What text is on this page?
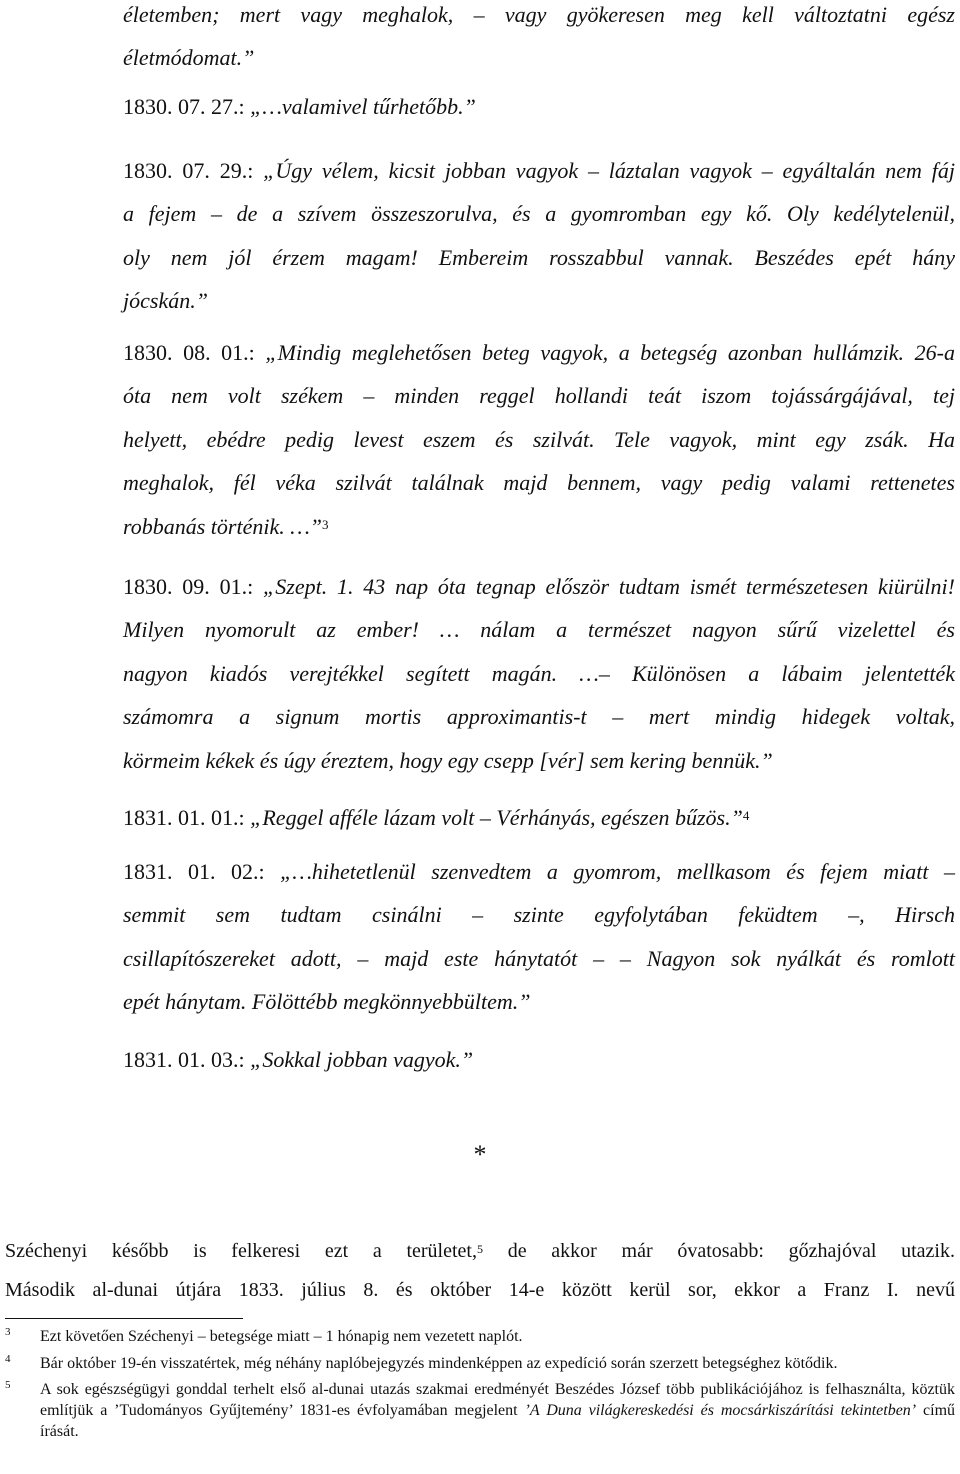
életemben; mert vagy meghalok, – vagy gyökeresen meg kell változtatni egész
életmódomat.”
1830. 07. 27.: „…valamivel tűrhetőbb.”
1830. 07. 29.: „Úgy vélem, kicsit jobban vagyok – láztalan vagyok – egyáltalán nem fáj
a fejem – de a szívem összeszorulva, és a gyomromban egy kő. Oly kedélytelenül,
oly nem jól érzem magam! Embereim rosszabbul vannak. Beszédes epét hány
jócskán.”
1830. 08. 01.: „Mindig meglehetősen beteg vagyok, a betegség azonban hullámzik. 26-a
óta nem volt székem – minden reggel hollandi teát iszom tojássárgájával, tej
helyett, ebédre pedig levest eszem és szilvát. Tele vagyok, mint egy zsák. Ha
meghalok, fél véka szilvát találnak majd bennem, vagy pedig valami rettenetes
robbanás történik. …”$^3$
1830. 09. 01.: „Szept. 1. 43 nap óta tegnap először tudtam ismét természetesen kiürülni!
Milyen nyomorult az ember! … nálam a természet nagyon sűrű vizelettel és
nagyon kiadós verejtékkel segített magán. …– Különösen a lábaim jelentették
számomra a signum mortis approximantis-t – mert mindig hidegek voltak,
körmeim kékek és úgy éreztem, hogy egy csepp [vér] sem kering bennük.”
1831. 01. 01.: „Reggel afféle lázam volt – Vérhányás, egészen bűzös.”$^4$
1831. 01. 02.: „…hihetetlenül szenvedtem a gyomrom, mellkasom és fejem miatt –
semmit sem tudtam csinálni – szinte egyfolytában feküdtem –, Hirsch
csillapítószereket adott, – majd este hánytatót – – Nagyon sok nyálkát és romlott
epét hánytam. Fölöttébb megkönnyebbültem.”
1831. 01. 03.: „Sokkal jobban vagyok.”
*
Széchenyi később is felkeresi ezt a területet,$^5$ de akkor már óvatosabb: gőzhajóval utazik.
Második al-dunai útjára 1833. július 8. és október 14-e között kerül sor, ekkor a Franz I. nevű
3 Ezt követően Széchenyi – betegsége miatt – 1 hónapig nem vezetett naplót.
4 Bár október 19-én visszatértek, még néhány naplóbejegyzés mindenképpen az expedíció során szerzett betegséghez kötődik.
5 A sok egészségügyi gonddal terhelt első al-dunai utazás szakmai eredményét Beszédes József több publikációjához is felhasználta, köztük említjük a ’Tudományos Gyűjtemény’ 1831-es évfolyamában megjelent ’A Duna világkereskedési és mocsárkiszárítási tekintetben’ című írását.
